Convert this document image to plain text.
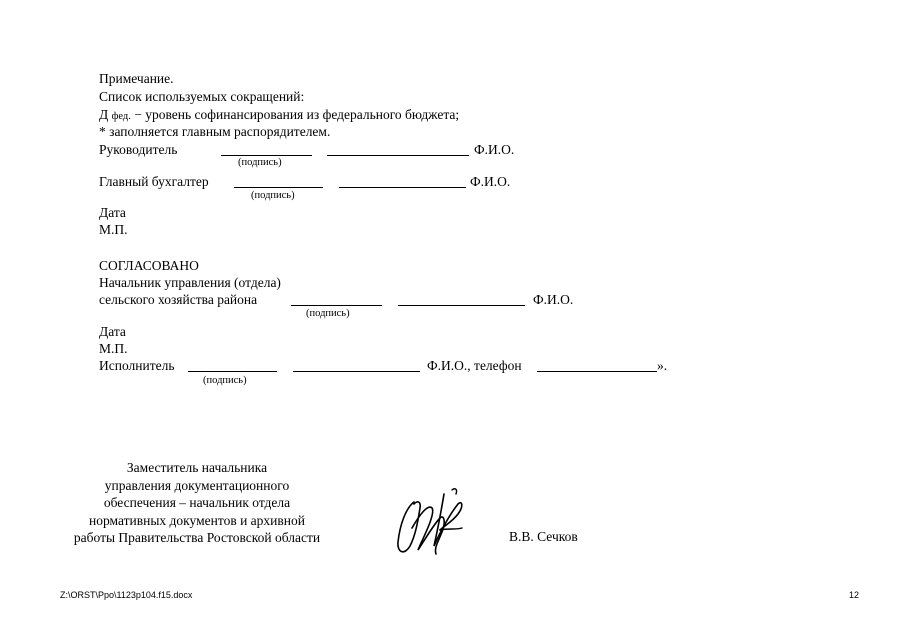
Примечание.
Список используемых сокращений:
Д фед. − уровень софинансирования из федерального бюджета;
* заполняется главным распорядителем.
Руководитель	Ф.И.О.
(подпись)
Главный бухгалтер	Ф.И.О.
(подпись)
Дата
М.П.
СОГЛАСОВАНО
Начальник управления (отдела)
сельского хозяйства района	Ф.И.О.
(подпись)
Дата
М.П.
Исполнитель	Ф.И.О., телефон	».
(подпись)
Заместитель начальника
управления документационного
обеспечения – начальник отдела
нормативных документов и архивной
работы Правительства Ростовской области	В.В. Сечков
Z:\ORST\Ppo\1123p104.f15.docx	12
